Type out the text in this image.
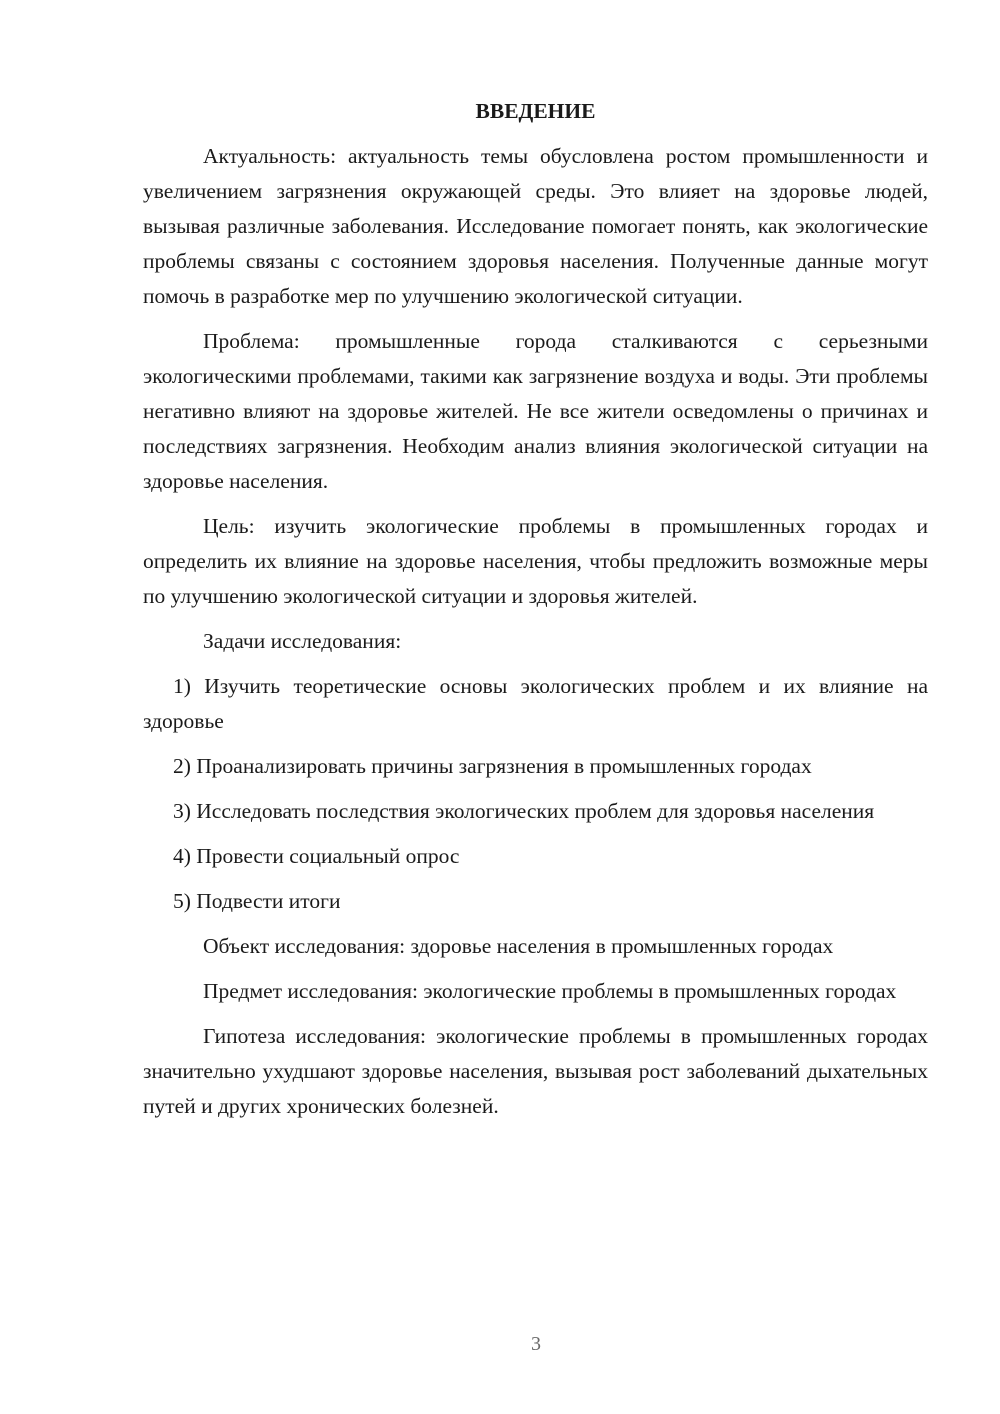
ВВЕДЕНИЕ

Актуальность: актуальность темы обусловлена ростом промышленности и увеличением загрязнения окружающей среды. Это влияет на здоровье людей, вызывая различные заболевания. Исследование помогает понять, как экологические проблемы связаны с состоянием здоровья населения. Полученные данные могут помочь в разработке мер по улучшению экологической ситуации.

Проблема: промышленные города сталкиваются с серьезными экологическими проблемами, такими как загрязнение воздуха и воды. Эти проблемы негативно влияют на здоровье жителей. Не все жители осведомлены о причинах и последствиях загрязнения. Необходим анализ влияния экологической ситуации на здоровье населения.

Цель: изучить экологические проблемы в промышленных городах и определить их влияние на здоровье населения, чтобы предложить возможные меры по улучшению экологической ситуации и здоровья жителей.

Задачи исследования:

1) Изучить теоретические основы экологических проблем и их влияние на здоровье

2) Проанализировать причины загрязнения в промышленных городах

3) Исследовать последствия экологических проблем для здоровья населения

4) Провести социальный опрос

5) Подвести итоги

Объект исследования: здоровье населения в промышленных городах

Предмет исследования: экологические проблемы в промышленных городах

Гипотеза исследования: экологические проблемы в промышленных городах значительно ухудшают здоровье населения, вызывая рост заболеваний дыхательных путей и других хронических болезней.

3
